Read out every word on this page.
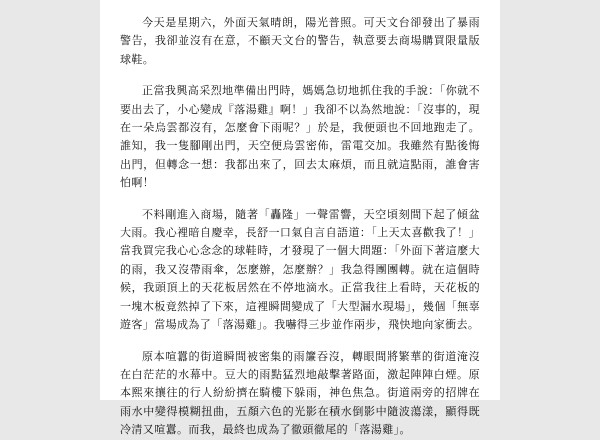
今天是星期六，外面天氣晴朗，陽光普照。可天文台卻發出了暴雨警告，我卻並沒有在意，不顧天文台的警告，執意要去商場購買限量版球鞋。

正當我興高采烈地準備出門時，媽媽急切地抓住我的手說：「你就不要出去了，小心變成『落湯雞』啊！」我卻不以為然地說：「沒事的，現在一朵烏雲都沒有，怎麼會下雨呢？」於是，我便頭也不回地跑走了。誰知，我一隻腳剛出門，天空便烏雲密佈，雷電交加。我雖然有點後悔出門，但轉念一想：我都出來了，回去太麻煩，而且就這點雨，誰會害怕啊！

不料剛進入商場，隨著「轟隆」一聲雷響，天空頃刻間下起了傾盆大雨。我心裡暗自慶幸，長舒一口氣自言自語道：「上天太喜歡我了！」當我買完我心心念念的球鞋時，才發現了一個大問題：「外面下著這麼大的雨，我又沒帶雨傘，怎麼辦，怎麼辦？」我急得團團轉。就在這個時候，我頭頂上的天花板居然在不停地滴水。正當我往上看時，天花板的一塊木板竟然掉了下來，這裡瞬間變成了「大型漏水現場」，幾個「無辜遊客」當場成為了「落湯雞」。我嚇得三步並作兩步，飛快地向家衝去。

原本喧囂的街道瞬間被密集的雨簾吞沒，轉眼間將繁華的街道淹沒在白茫茫的水幕中。豆大的雨點猛烈地敲擊著路面，激起陣陣白煙。原本熙來攘往的行人紛紛擠在騎樓下躲雨，神色焦急。街道兩旁的招牌在雨水中變得模糊扭曲，五顏六色的光影在積水倒影中隨波蕩漾，顯得既冷清又喧囂。而我，最終也成為了徹頭徹尾的「落湯雞」。
